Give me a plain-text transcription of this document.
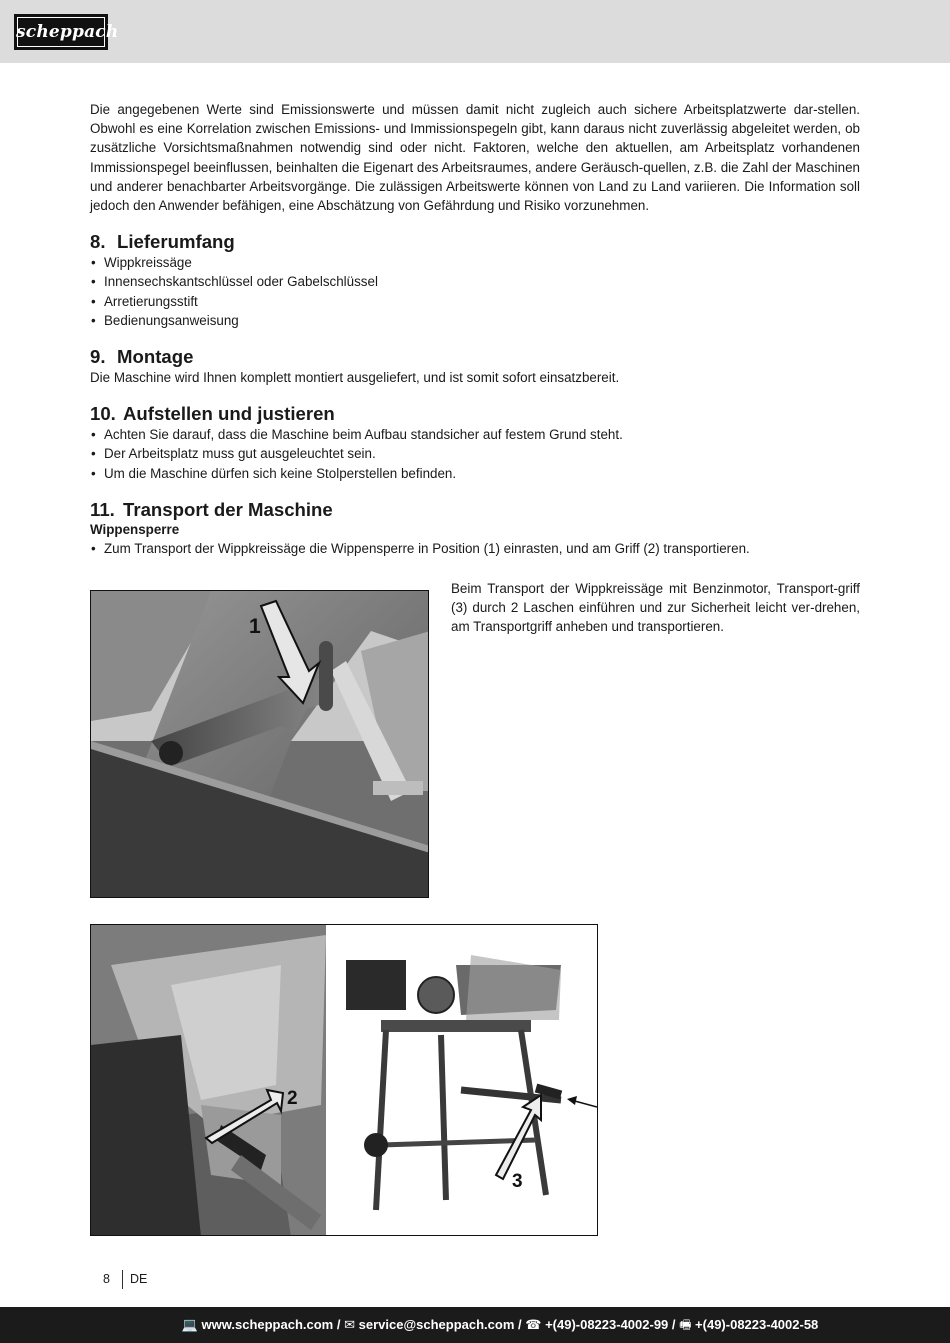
scheppach

Die angegebenen Werte sind Emissionswerte und müssen damit nicht zugleich auch sichere Arbeitsplatzwerte dar-stellen. Obwohl es eine Korrelation zwischen Emissions- und Immissionspegeln gibt, kann daraus nicht zuverlässig abgeleitet werden, ob zusätzliche Vorsichtsmaßnahmen notwendig sind oder nicht. Faktoren, welche den aktuellen, am Arbeitsplatz vorhandenen Immissionspegel beeinflussen, beinhalten die Eigenart des Arbeitsraumes, andere Geräusch-quellen, z.B. die Zahl der Maschinen und anderer benachbarter Arbeitsvorgänge. Die zulässigen Arbeitswerte können von Land zu Land variieren. Die Information soll jedoch den Anwender befähigen, eine Abschätzung von Gefährdung und Risiko vorzunehmen.

8. Lieferumfang
• Wippkreissäge
• Innensechskantschlüssel oder Gabelschlüssel
• Arretierungsstift
• Bedienungsanweisung
9. Montage

Die Maschine wird Ihnen komplett montiert ausgeliefert, und ist somit sofort einsatzbereit.

10. Aufstellen und justieren
• Achten Sie darauf, dass die Maschine beim Aufbau standsicher auf festem Grund steht.
• Der Arbeitsplatz muss gut ausgeleuchtet sein.
• Um die Maschine dürfen sich keine Stolperstellen befinden.
11. Transport der Maschine
Wippensperre
• Zum Transport der Wippkreissäge die Wippensperre in Position (1) einrasten, und am Griff (2) transportieren.

Beim Transport der Wippkreissäge mit Benzinmotor, Transport-griff (3) durch 2 Laschen einführen und zur Sicherheit leicht ver-drehen, am Transportgriff anheben und transportieren.

1
2
3
8 DE
💻 www.scheppach.com / ✉ service@scheppach.com / ☎ +(49)-08223-4002-99 / 🖷 +(49)-08223-4002-58
